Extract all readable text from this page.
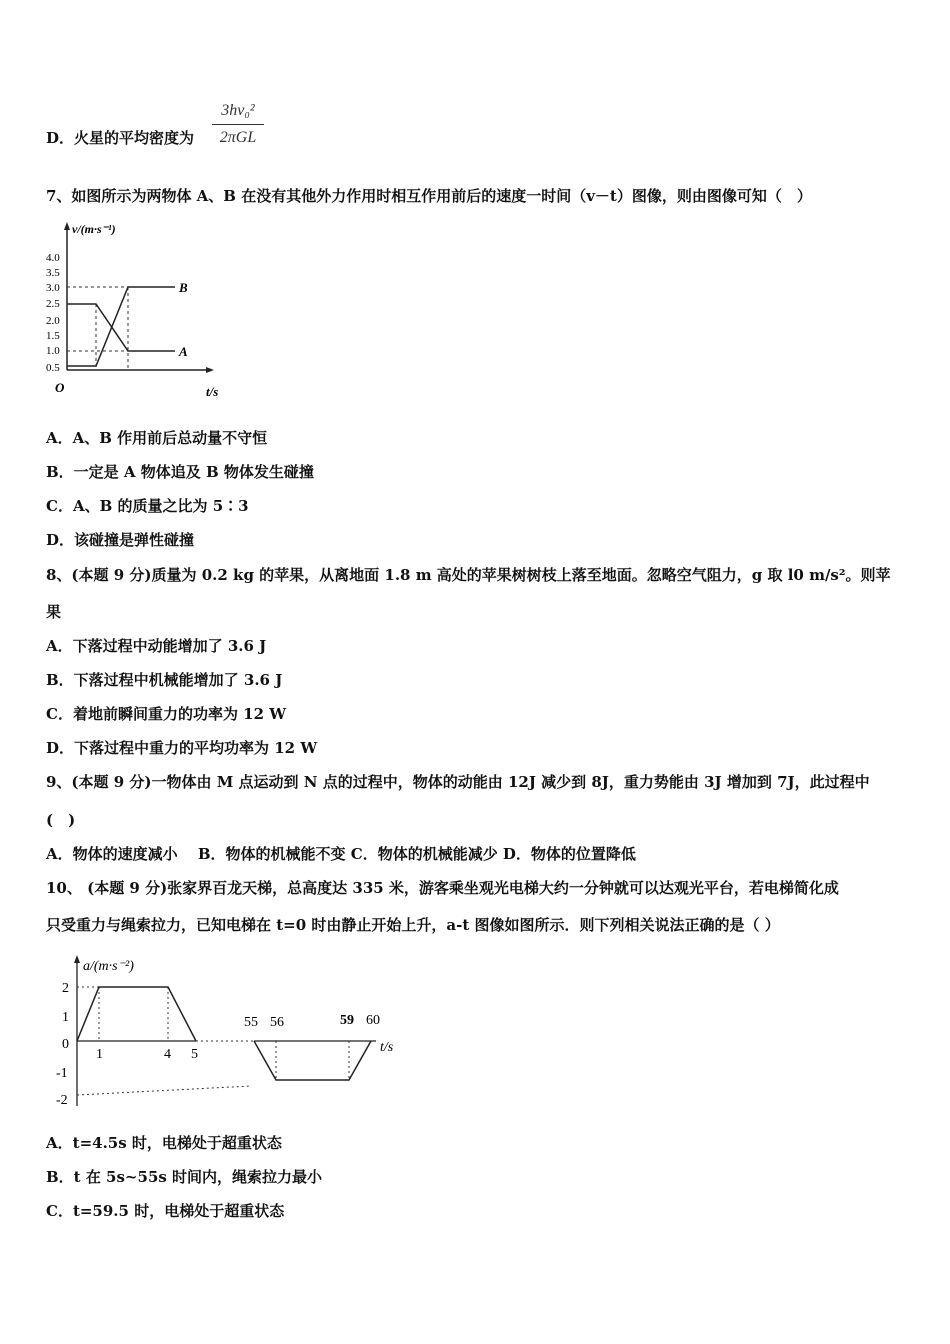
D．火星的平均密度为
3hv₀²
2πGL
7、如图所示为两物体 A、B 在没有其他外力作用时相互作用前后的速度一时间（v－t）图像，则由图像可知（　）
v/(m·s⁻¹)
t/s
O
4.0
3.5
3.0
2.5
2.0
1.5
1.0
0.5
A
B
A．A、B 作用前后总动量不守恒
B．一定是 A 物体追及 B 物体发生碰撞
C．A、B 的质量之比为 5∶3
D．该碰撞是弹性碰撞
8、(本题 9 分)质量为 0.2 kg 的苹果，从离地面 1.8 m 高处的苹果树树枝上落至地面。忽略空气阻力，g 取 l0 m/s²。则苹
果
A．下落过程中动能增加了 3.6 J
B．下落过程中机械能增加了 3.6 J
C．着地前瞬间重力的功率为 12 W
D．下落过程中重力的平均功率为 12 W
9、(本题 9 分)一物体由 M 点运动到 N 点的过程中，物体的动能由 12J 减少到 8J，重力势能由 3J 增加到 7J，此过程中
(　)
A．物体的速度减小　 B．物体的机械能不变 C．物体的机械能减少 D．物体的位置降低
10、 (本题 9 分)张家界百龙天梯，总高度达 335 米，游客乘坐观光电梯大约一分钟就可以达观光平台，若电梯简化成
只受重力与绳索拉力，已知电梯在 t=0 时由静止开始上升，a-t 图像如图所示．则下列相关说法正确的是（ ）
a/(m·s⁻²)
t/s
2
1
0
-1
-2
1	4 5
55 56	59 60
A．t=4.5s 时，电梯处于超重状态
B．t 在 5s~55s 时间内，绳索拉力最小
C．t=59.5 时，电梯处于超重状态
